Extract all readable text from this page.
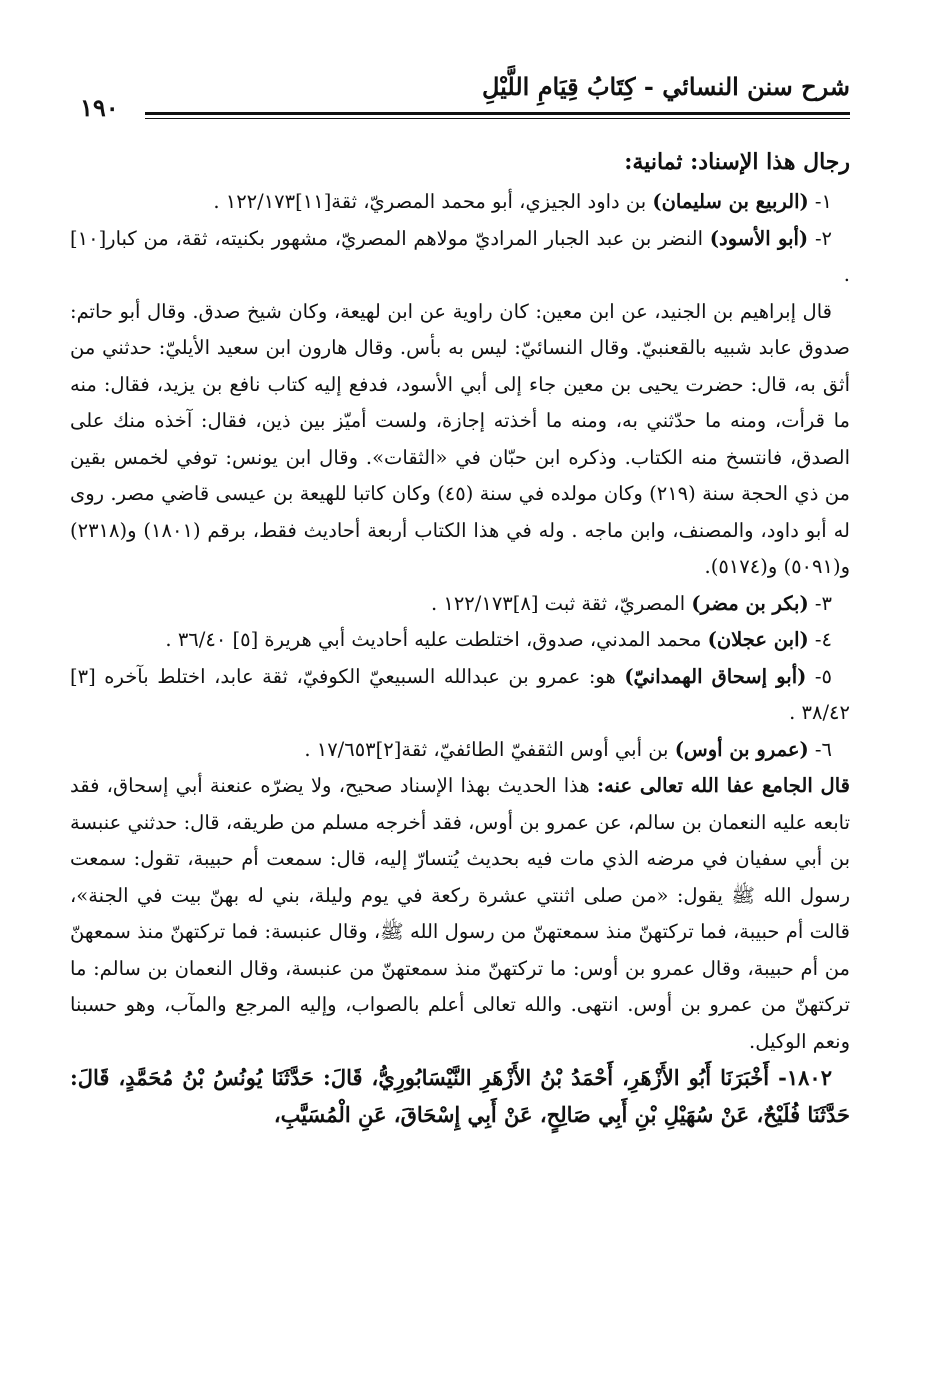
شرح سنن النسائي - كِتَابُ قِيَامِ اللَّيْلِ
١٩٠

رجال هذا الإسناد: ثمانية:

١- (الربيع بن سليمان) بن داود الجيزي، أبو محمد المصريّ، ثقة[١١]١٢٢/١٧٣ .

٢- (أبو الأسود) النضر بن عبد الجبار المراديّ مولاهم المصريّ، مشهور بكنيته، ثقة، من كبار[١٠] .

قال إبراهيم بن الجنيد، عن ابن معين: كان راوية عن ابن لهيعة، وكان شيخ صدق. وقال أبو حاتم: صدوق عابد شبيه بالقعنبيّ. وقال النسائيّ: ليس به بأس. وقال هارون ابن سعيد الأيليّ: حدثني من أثق به، قال: حضرت يحيى بن معين جاء إلى أبي الأسود، فدفع إليه كتاب نافع بن يزيد، فقال: منه ما قرأت، ومنه ما حدّثني به، ومنه ما أخذته إجازة، ولست أميّز بين ذين، فقال: آخذه منك على الصدق، فانتسخ منه الكتاب. وذكره ابن حبّان في «الثقات». وقال ابن يونس: توفي لخمس بقين من ذي الحجة سنة (٢١٩) وكان مولده في سنة (٤٥) وكان كاتبا للهيعة بن عيسى قاضي مصر. روى له أبو داود، والمصنف، وابن ماجه . وله في هذا الكتاب أربعة أحاديث فقط، برقم (١٨٠١) و(٢٣١٨) و(٥٠٩١) و(٥١٧٤).

٣- (بكر بن مضر) المصريّ، ثقة ثبت [٨]١٢٢/١٧٣ .

٤- (ابن عجلان) محمد المدني، صدوق، اختلطت عليه أحاديث أبي هريرة [٥] ٣٦/٤٠ .

٥- (أبو إسحاق الهمدانيّ) هو: عمرو بن عبدالله السبيعيّ الكوفيّ، ثقة عابد، اختلط بآخره [٣] ٣٨/٤٢ .

٦- (عمرو بن أوس) بن أبي أوس الثقفيّ الطائفيّ، ثقة[٢]١٧/٦٥٣ .

قال الجامع عفا الله تعالى عنه: هذا الحديث بهذا الإسناد صحيح، ولا يضرّه عنعنة أبي إسحاق، فقد تابعه عليه النعمان بن سالم، عن عمرو بن أوس، فقد أخرجه مسلم من طريقه، قال: حدثني عنبسة بن أبي سفيان في مرضه الذي مات فيه بحديث يُتسارّ إليه، قال: سمعت أم حبيبة، تقول: سمعت رسول الله ﷺ يقول: «من صلى اثنتي عشرة ركعة في يوم وليلة، بني له بهنّ بيت في الجنة»، قالت أم حبيبة، فما تركتهنّ منذ سمعتهنّ من رسول الله ﷺ، وقال عنبسة: فما تركتهنّ منذ سمعهنّ من أم حبيبة، وقال عمرو بن أوس: ما تركتهنّ منذ سمعتهنّ من عنبسة، وقال النعمان بن سالم: ما تركتهنّ من عمرو بن أوس. انتهى. والله تعالى أعلم بالصواب، وإليه المرجع والمآب، وهو حسبنا ونعم الوكيل.

١٨٠٢- أَخْبَرَنَا أَبُو الأَزْهَرِ، أَحْمَدُ بْنُ الأَزْهَرِ النَّيْسَابُورِيُّ، قَالَ: حَدَّثَنَا يُونُسُ بْنُ مُحَمَّدٍ، قَالَ: حَدَّثَنَا فُلَيْحٌ، عَنْ سُهَيْلِ بْنِ أَبِي صَالِحٍ، عَنْ أَبِي إِسْحَاقَ، عَنِ الْمُسَيَّبِ،
